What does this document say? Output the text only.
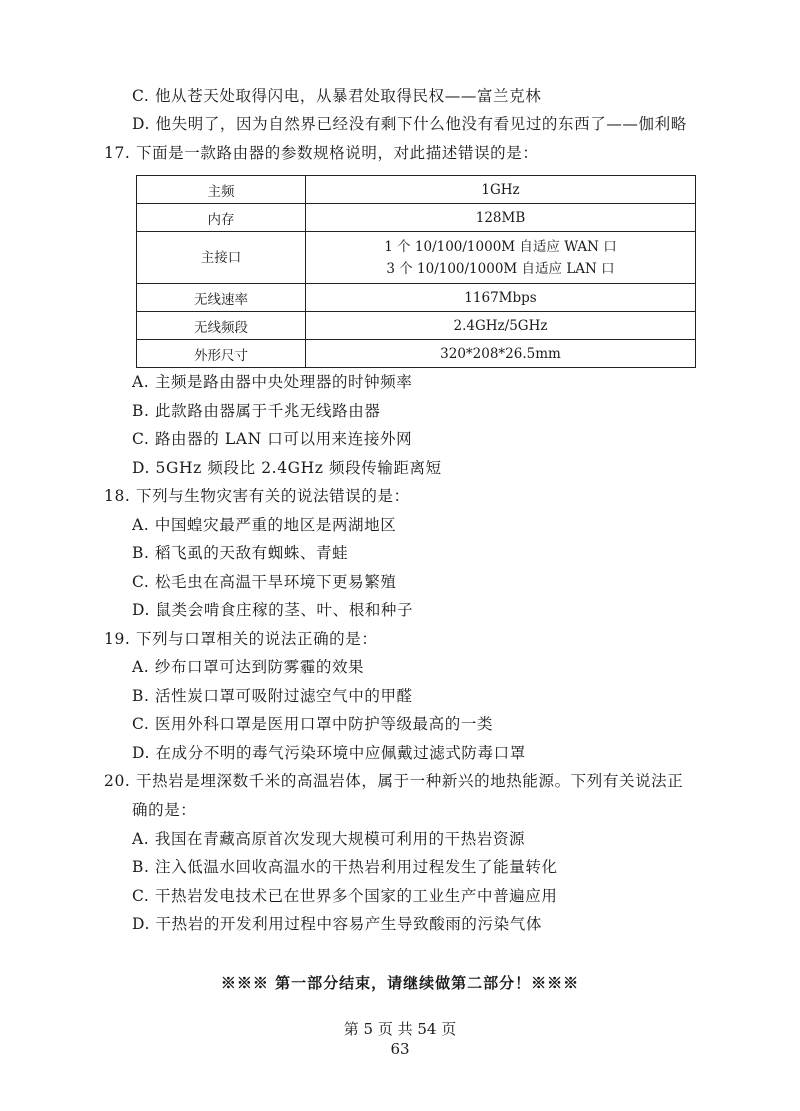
C. 他从苍天处取得闪电，从暴君处取得民权——富兰克林
D. 他失明了，因为自然界已经没有剩下什么他没有看见过的东西了——伽利略
17. 下面是一款路由器的参数规格说明，对此描述错误的是：
主频	1GHz
内存	128MB
主接口	1 个 10/100/1000M 自适应 WAN 口
3 个 10/100/1000M 自适应 LAN 口

无线速率	1167Mbps
无线频段	2.4GHz/5GHz
外形尺寸	320*208*26.5mm
A. 主频是路由器中央处理器的时钟频率
B. 此款路由器属于千兆无线路由器
C. 路由器的 LAN 口可以用来连接外网
D. 5GHz 频段比 2.4GHz 频段传输距离短
18. 下列与生物灾害有关的说法错误的是：
A. 中国蝗灾最严重的地区是两湖地区
B. 稻飞虱的天敌有蜘蛛、青蛙
C. 松毛虫在高温干旱环境下更易繁殖
D. 鼠类会啃食庄稼的茎、叶、根和种子
19. 下列与口罩相关的说法正确的是：
A. 纱布口罩可达到防雾霾的效果
B. 活性炭口罩可吸附过滤空气中的甲醛
C. 医用外科口罩是医用口罩中防护等级最高的一类
D. 在成分不明的毒气污染环境中应佩戴过滤式防毒口罩
20. 干热岩是埋深数千米的高温岩体，属于一种新兴的地热能源。下列有关说法正
确的是：
A. 我国在青藏高原首次发现大规模可利用的干热岩资源
B. 注入低温水回收高温水的干热岩利用过程发生了能量转化
C. 干热岩发电技术已在世界多个国家的工业生产中普遍应用
D. 干热岩的开发利用过程中容易产生导致酸雨的污染气体
※※※ 第一部分结束，请继续做第二部分！※※※
第 5 页 共 54 页
63
